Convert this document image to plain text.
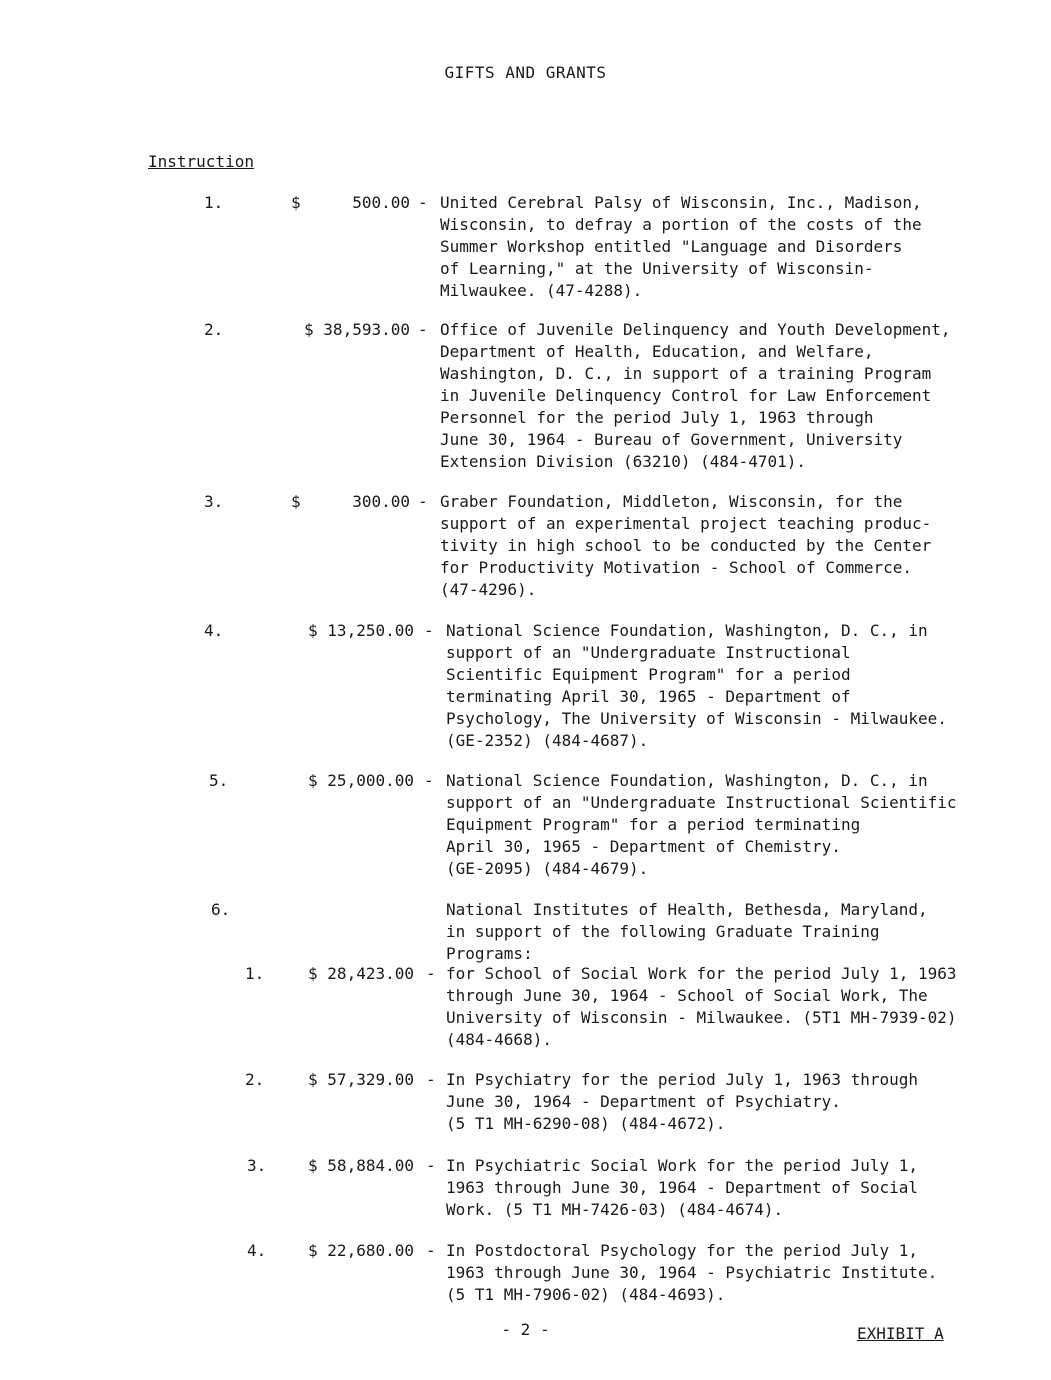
GIFTS AND GRANTS
Instruction
1.	$	500.00 - United Cerebral Palsy of Wisconsin, Inc., Madison,
Wisconsin, to defray a portion of the costs of the
Summer Workshop entitled "Language and Disorders
of Learning," at the University of Wisconsin-
Milwaukee. (47-4288).
2.	$ 38,593.00 - Office of Juvenile Delinquency and Youth Development,
Department of Health, Education, and Welfare,
Washington, D. C., in support of a training Program
in Juvenile Delinquency Control for Law Enforcement
Personnel for the period July 1, 1963 through
June 30, 1964 - Bureau of Government, University
Extension Division (63210) (484-4701).
3.	$	300.00 - Graber Foundation, Middleton, Wisconsin, for the
support of an experimental project teaching produc-
tivity in high school to be conducted by the Center
for Productivity Motivation - School of Commerce.
(47-4296).
4.	$ 13,250.00 - National Science Foundation, Washington, D. C., in
support of an "Undergraduate Instructional
Scientific Equipment Program" for a period
terminating April 30, 1965 - Department of
Psychology, The University of Wisconsin - Milwaukee.
(GE-2352) (484-4687).
5.	$ 25,000.00 - National Science Foundation, Washington, D. C., in
support of an "Undergraduate Instructional Scientific
Equipment Program" for a period terminating
April 30, 1965 - Department of Chemistry.
(GE-2095) (484-4679).
6.	National Institutes of Health, Bethesda, Maryland,
in support of the following Graduate Training
Programs:
1.	$ 28,423.00 - for School of Social Work for the period July 1, 1963
through June 30, 1964 - School of Social Work, The
University of Wisconsin - Milwaukee. (5T1 MH-7939-02)
(484-4668).
2.	$ 57,329.00 - In Psychiatry for the period July 1, 1963 through
June 30, 1964 - Department of Psychiatry.
(5 T1 MH-6290-08) (484-4672).
3.	$ 58,884.00 - In Psychiatric Social Work for the period July 1,
1963 through June 30, 1964 - Department of Social
Work. (5 T1 MH-7426-03) (484-4674).
4.	$ 22,680.00 - In Postdoctoral Psychology for the period July 1,
1963 through June 30, 1964 - Psychiatric Institute.
(5 T1 MH-7906-02) (484-4693).
- 2 -	EXHIBIT A
